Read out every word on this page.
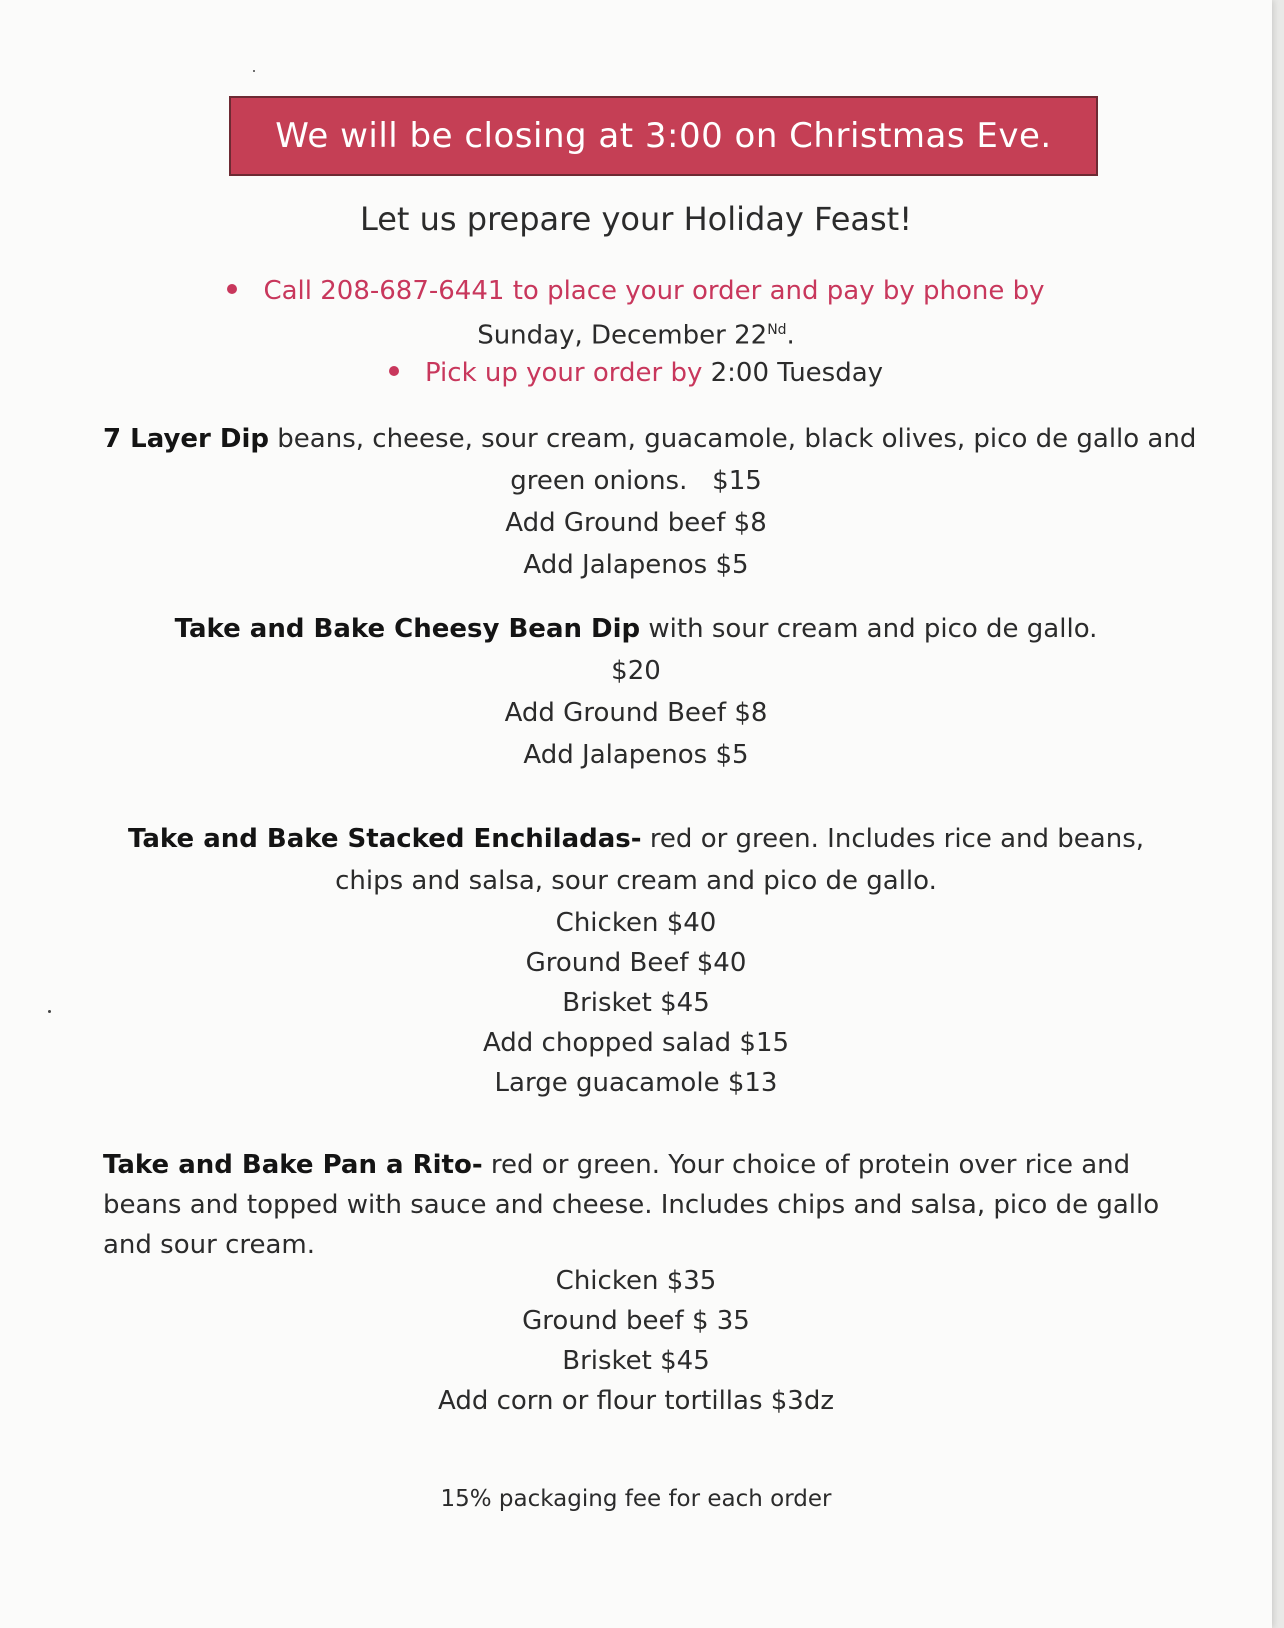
We will be closing at 3:00 on Christmas Eve.
Let us prepare your Holiday Feast!
Call 208-687-6441 to place your order and pay by phone by
Sunday, December 22Nd.
Pick up your order by 2:00 Tuesday
7 Layer Dip beans, cheese, sour cream, guacamole, black olives, pico de gallo and
green onions.   $15
Add Ground beef $8
Add Jalapenos $5
Take and Bake Cheesy Bean Dip with sour cream and pico de gallo.
$20
Add Ground Beef $8
Add Jalapenos $5
Take and Bake Stacked Enchiladas- red or green. Includes rice and beans,
chips and salsa, sour cream and pico de gallo.
Chicken $40
Ground Beef $40
Brisket $45
Add chopped salad $15
Large guacamole $13
Take and Bake Pan a Rito- red or green. Your choice of protein over rice and
beans and topped with sauce and cheese. Includes chips and salsa, pico de gallo
and sour cream.
Chicken $35
Ground beef $ 35
Brisket $45
Add corn or flour tortillas $3dz
15% packaging fee for each order
